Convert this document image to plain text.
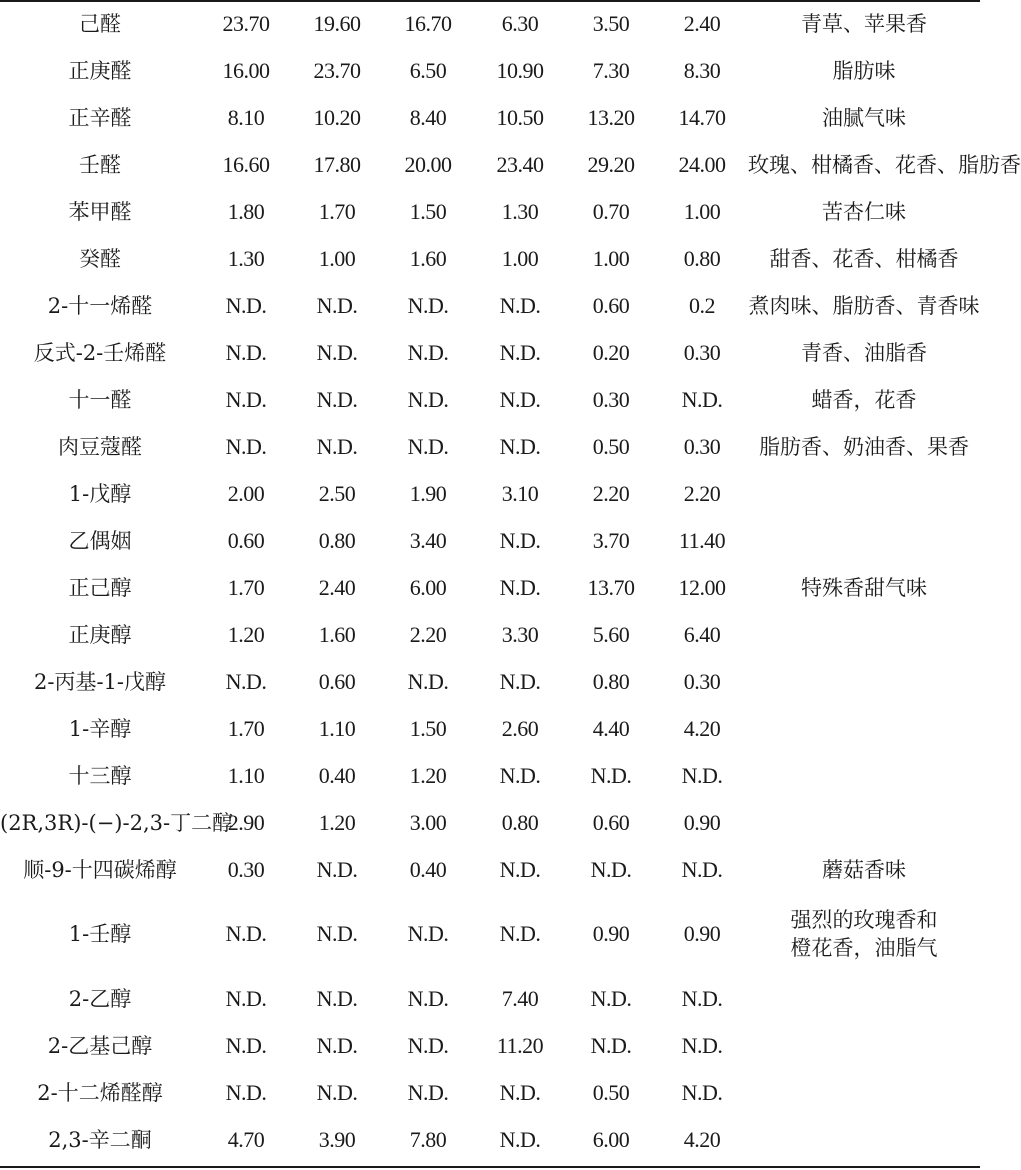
己醛	23.70	19.60	16.70	6.30	3.50	2.40	青草、苹果香
正庚醛	16.00	23.70	6.50	10.90	7.30	8.30	脂肪味
正辛醛	8.10	10.20	8.40	10.50	13.20	14.70	油腻气味
壬醛	16.60	17.80	20.00	23.40	29.20	24.00	玫瑰、柑橘香、花香、脂肪香
苯甲醛	1.80	1.70	1.50	1.30	0.70	1.00	苦杏仁味
癸醛	1.30	1.00	1.60	1.00	1.00	0.80	甜香、花香、柑橘香
2-十一烯醛	N.D.	N.D.	N.D.	N.D.	0.60	0.2	煮肉味、脂肪香、青香味
反式-2-壬烯醛	N.D.	N.D.	N.D.	N.D.	0.20	0.30	青香、油脂香
十一醛	N.D.	N.D.	N.D.	N.D.	0.30	N.D.	蜡香，花香
肉豆蔻醛	N.D.	N.D.	N.D.	N.D.	0.50	0.30	脂肪香、奶油香、果香
1-戊醇	2.00	2.50	1.90	3.10	2.20	2.20	
乙偶姻	0.60	0.80	3.40	N.D.	3.70	11.40	
正己醇	1.70	2.40	6.00	N.D.	13.70	12.00	特殊香甜气味
正庚醇	1.20	1.60	2.20	3.30	5.60	6.40	
2-丙基-1-戊醇	N.D.	0.60	N.D.	N.D.	0.80	0.30	
1-辛醇	1.70	1.10	1.50	2.60	4.40	4.20	
十三醇	1.10	0.40	1.20	N.D.	N.D.	N.D.	
(2R,3R)-(−)-2,3-丁二醇	2.90	1.20	3.00	0.80	0.60	0.90	
顺-9-十四碳烯醇	0.30	N.D.	0.40	N.D.	N.D.	N.D.	蘑菇香味
1-壬醇	N.D.	N.D.	N.D.	N.D.	0.90	0.90	强烈的玫瑰香和
橙花香，油脂气
2-乙醇	N.D.	N.D.	N.D.	7.40	N.D.	N.D.	
2-乙基己醇	N.D.	N.D.	N.D.	11.20	N.D.	N.D.	
2-十二烯醛醇	N.D.	N.D.	N.D.	N.D.	0.50	N.D.	
2,3-辛二酮	4.70	3.90	7.80	N.D.	6.00	4.20	
